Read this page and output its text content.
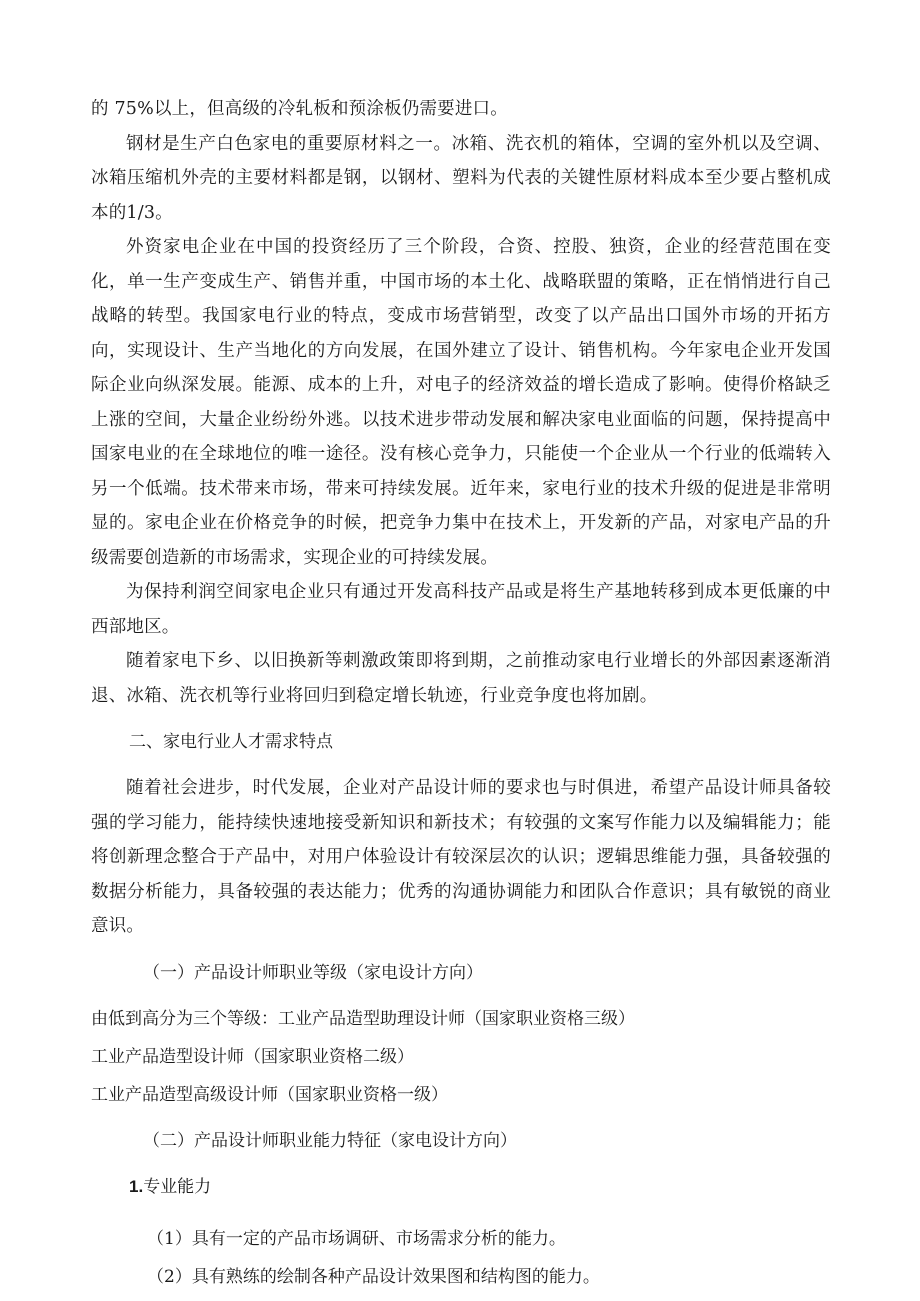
的 75%以上，但高级的冷轧板和预涂板仍需要进口。

钢材是生产白色家电的重要原材料之一。冰箱、洗衣机的箱体，空调的室外机以及空调、冰箱压缩机外壳的主要材料都是钢，以钢材、塑料为代表的关键性原材料成本至少要占整机成本的1/3。

外资家电企业在中国的投资经历了三个阶段，合资、控股、独资，企业的经营范围在变化，单一生产变成生产、销售并重，中国市场的本土化、战略联盟的策略，正在悄悄进行自己战略的转型。我国家电行业的特点，变成市场营销型，改变了以产品出口国外市场的开拓方向，实现设计、生产当地化的方向发展，在国外建立了设计、销售机构。今年家电企业开发国际企业向纵深发展。能源、成本的上升，对电子的经济效益的增长造成了影响。使得价格缺乏上涨的空间，大量企业纷纷外逃。以技术进步带动发展和解决家电业面临的问题，保持提高中国家电业的在全球地位的唯一途径。没有核心竞争力，只能使一个企业从一个行业的低端转入另一个低端。技术带来市场，带来可持续发展。近年来，家电行业的技术升级的促进是非常明显的。家电企业在价格竞争的时候，把竞争力集中在技术上，开发新的产品，对家电产品的升级需要创造新的市场需求，实现企业的可持续发展。

为保持利润空间家电企业只有通过开发高科技产品或是将生产基地转移到成本更低廉的中西部地区。

随着家电下乡、以旧换新等刺激政策即将到期，之前推动家电行业增长的外部因素逐渐消退、冰箱、洗衣机等行业将回归到稳定增长轨迹，行业竞争度也将加剧。

二、家电行业人才需求特点

随着社会进步，时代发展，企业对产品设计师的要求也与时俱进，希望产品设计师具备较强的学习能力，能持续快速地接受新知识和新技术；有较强的文案写作能力以及编辑能力；能将创新理念整合于产品中，对用户体验设计有较深层次的认识；逻辑思维能力强，具备较强的数据分析能力，具备较强的表达能力；优秀的沟通协调能力和团队合作意识；具有敏锐的商业意识。

（一）产品设计师职业等级（家电设计方向）

由低到高分为三个等级：工业产品造型助理设计师（国家职业资格三级）

工业产品造型设计师（国家职业资格二级）

工业产品造型高级设计师（国家职业资格一级）

（二）产品设计师职业能力特征（家电设计方向）

1.专业能力

（1）具有一定的产品市场调研、市场需求分析的能力。

（2）具有熟练的绘制各种产品设计效果图和结构图的能力。
